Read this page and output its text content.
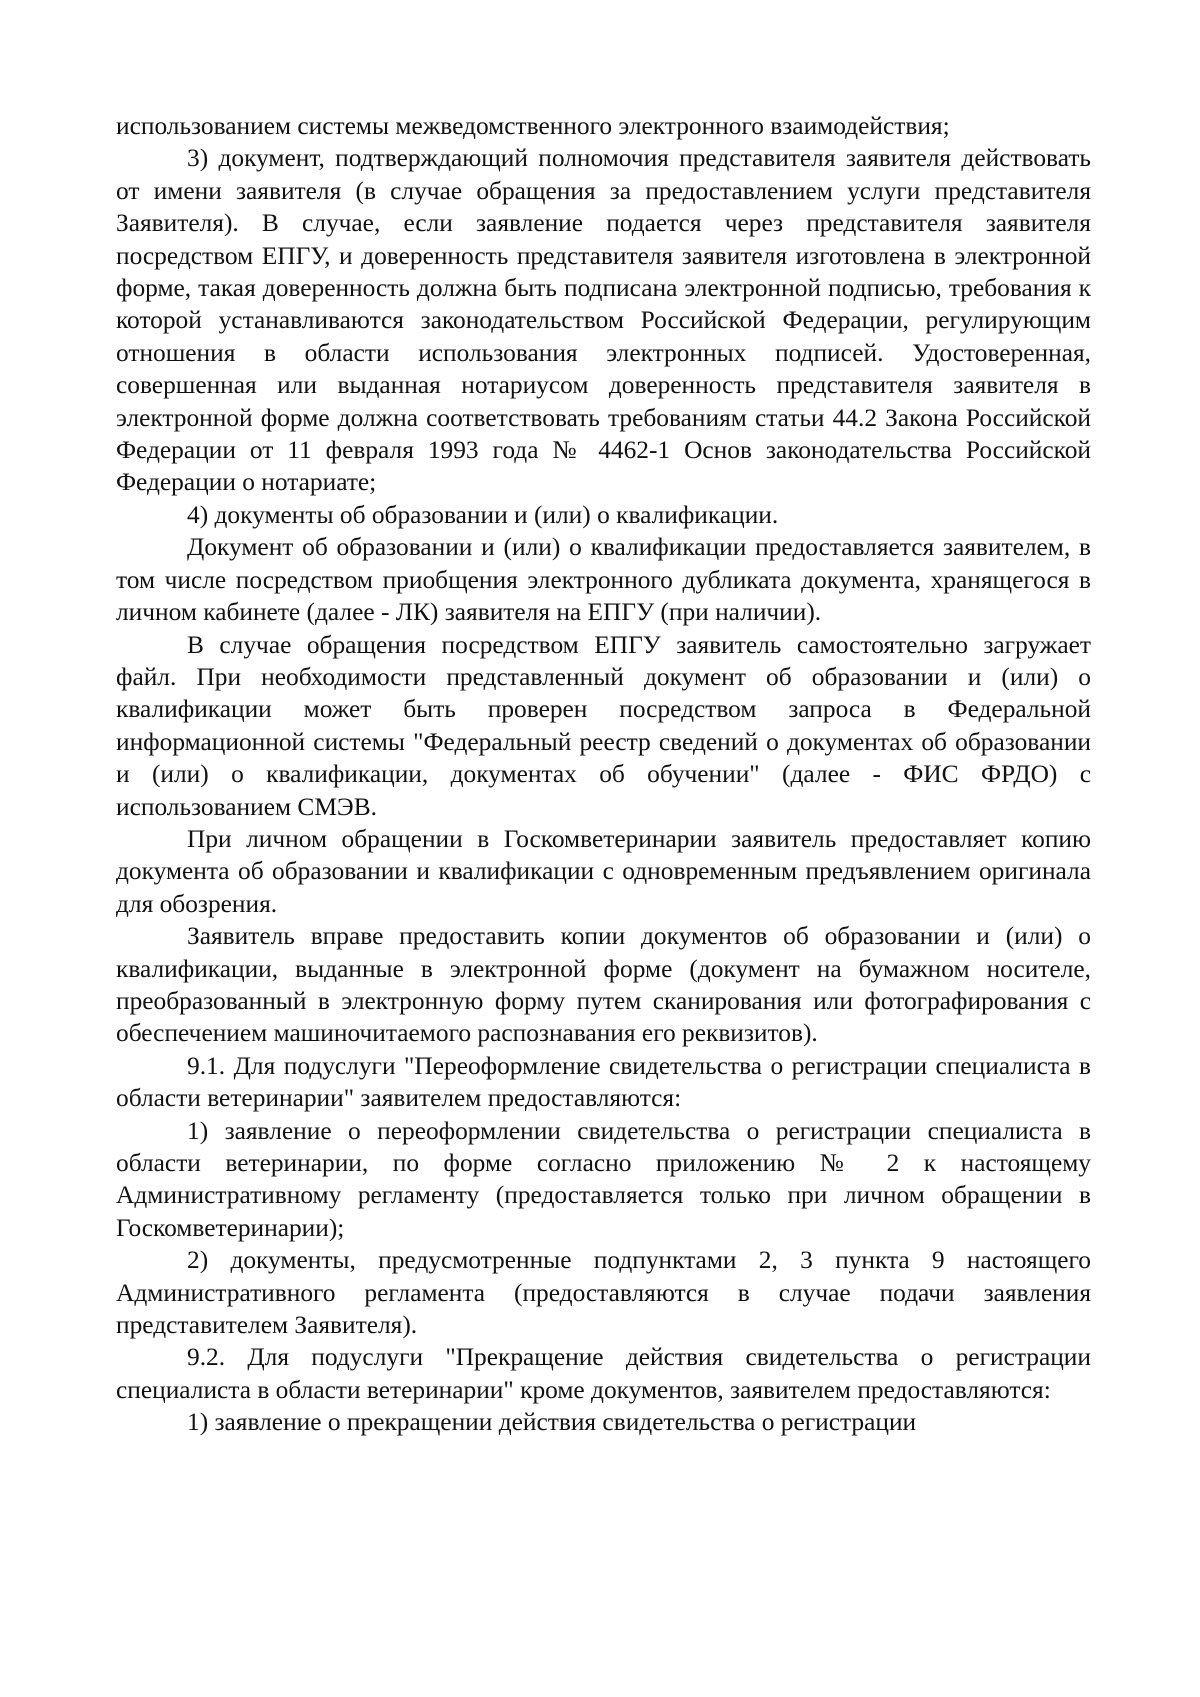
использованием системы межведомственного электронного взаимодействия;

3) документ, подтверждающий полномочия представителя заявителя действовать от имени заявителя (в случае обращения за предоставлением услуги представителя Заявителя). В случае, если заявление подается через представителя заявителя посредством ЕПГУ, и доверенность представителя заявителя изготовлена в электронной форме, такая доверенность должна быть подписана электронной подписью, требования к которой устанавливаются законодательством Российской Федерации, регулирующим отношения в области использования электронных подписей. Удостоверенная, совершенная или выданная нотариусом доверенность представителя заявителя в электронной форме должна соответствовать требованиям статьи 44.2 Закона Российской Федерации от 11 февраля 1993 года № 4462-1 Основ законодательства Российской Федерации о нотариате;

4) документы об образовании и (или) о квалификации.

Документ об образовании и (или) о квалификации предоставляется заявителем, в том числе посредством приобщения электронного дубликата документа, хранящегося в личном кабинете (далее - ЛК) заявителя на ЕПГУ (при наличии).

В случае обращения посредством ЕПГУ заявитель самостоятельно загружает файл. При необходимости представленный документ об образовании и (или) о квалификации может быть проверен посредством запроса в Федеральной информационной системы "Федеральный реестр сведений о документах об образовании и (или) о квалификации, документах об обучении" (далее - ФИС ФРДО) с использованием СМЭВ.

При личном обращении в Госкомветеринарии заявитель предоставляет копию документа об образовании и квалификации с одновременным предъявлением оригинала для обозрения.

Заявитель вправе предоставить копии документов об образовании и (или) о квалификации, выданные в электронной форме (документ на бумажном носителе, преобразованный в электронную форму путем сканирования или фотографирования с обеспечением машиночитаемого распознавания его реквизитов).

9.1. Для подуслуги "Переоформление свидетельства о регистрации специалиста в области ветеринарии" заявителем предоставляются:

1) заявление о переоформлении свидетельства о регистрации специалиста в области ветеринарии, по форме согласно приложению № 2 к настоящему Административному регламенту (предоставляется только при личном обращении в Госкомветеринарии);

2) документы, предусмотренные подпунктами 2, 3 пункта 9 настоящего Административного регламента (предоставляются в случае подачи заявления представителем Заявителя).

9.2. Для подуслуги "Прекращение действия свидетельства о регистрации специалиста в области ветеринарии" кроме документов, заявителем предоставляются:

1) заявление о прекращении действия свидетельства о регистрации
